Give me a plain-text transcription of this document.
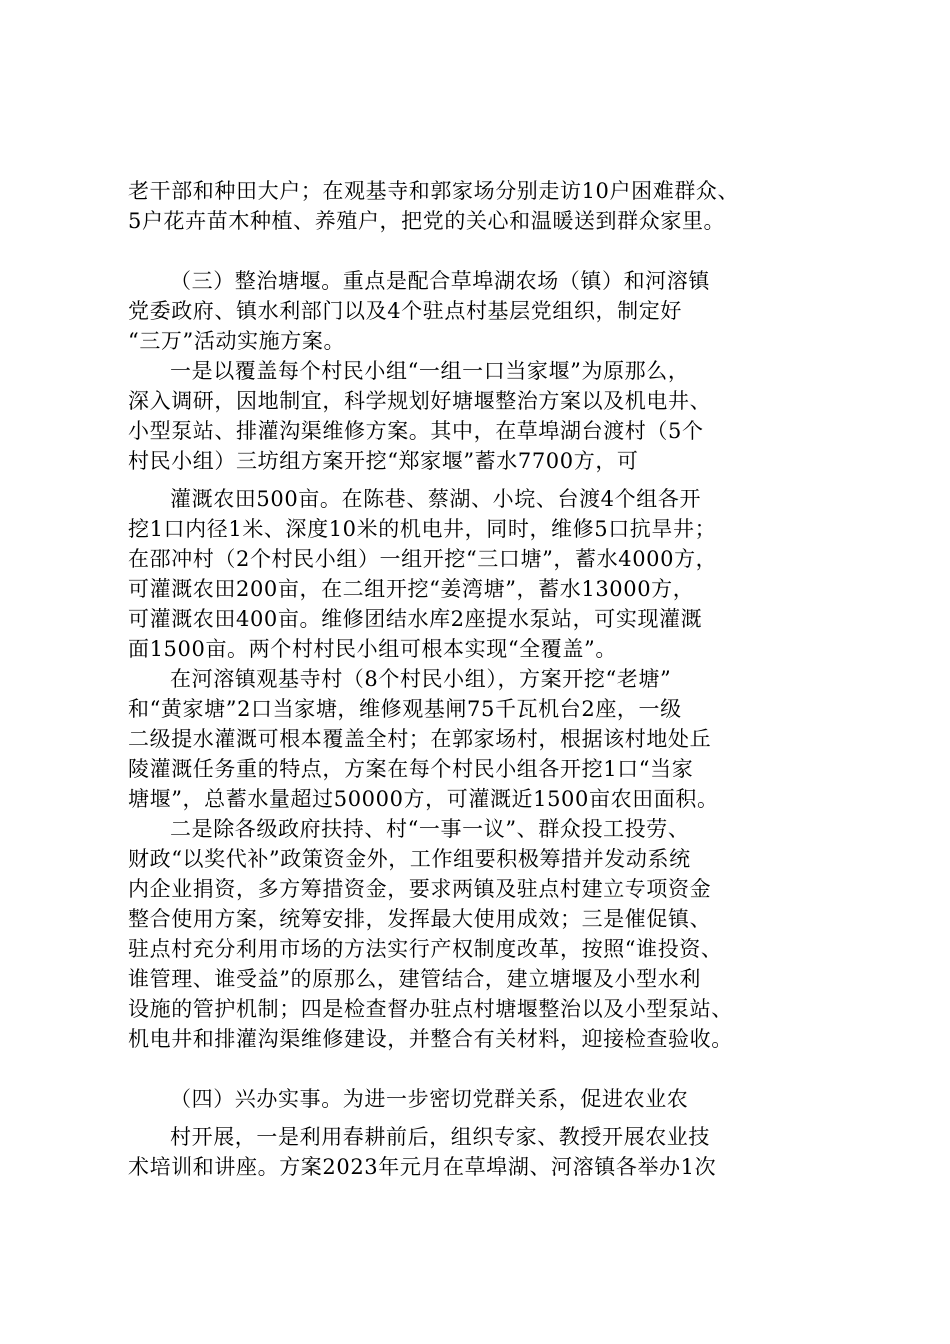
老干部和种田大户；在观基寺和郭家场分别走访10户困难群众、
5户花卉苗木种植、养殖户，把党的关心和温暖送到群众家里。
（三）整治塘堰。重点是配合草埠湖农场（镇）和河溶镇
党委政府、镇水利部门以及4个驻点村基层党组织，制定好
“三万”活动实施方案。
一是以覆盖每个村民小组“一组一口当家堰”为原那么，
深入调研，因地制宜，科学规划好塘堰整治方案以及机电井、
小型泵站、排灌沟渠维修方案。其中，在草埠湖台渡村（5个
村民小组）三坊组方案开挖“郑家堰”蓄水7700方，可
灌溉农田500亩。在陈巷、蔡湖、小垸、台渡4个组各开
挖1口内径1米、深度10米的机电井，同时，维修5口抗旱井；
在邵冲村（2个村民小组）一组开挖“三口塘”，蓄水4000方，
可灌溉农田200亩，在二组开挖“姜湾塘”，蓄水13000方，
可灌溉农田400亩。维修团结水库2座提水泵站，可实现灌溉
面1500亩。两个村村民小组可根本实现“全覆盖”。
在河溶镇观基寺村（8个村民小组），方案开挖“老塘”
和“黄家塘”2口当家塘，维修观基闸75千瓦机台2座，一级
二级提水灌溉可根本覆盖全村；在郭家场村，根据该村地处丘
陵灌溉任务重的特点，方案在每个村民小组各开挖1口“当家
塘堰”，总蓄水量超过50000方，可灌溉近1500亩农田面积。
二是除各级政府扶持、村“一事一议”、群众投工投劳、
财政“以奖代补”政策资金外，工作组要积极筹措并发动系统
内企业捐资，多方筹措资金，要求两镇及驻点村建立专项资金
整合使用方案，统筹安排，发挥最大使用成效；三是催促镇、
驻点村充分利用市场的方法实行产权制度改革，按照“谁投资、
谁管理、谁受益”的原那么，建管结合，建立塘堰及小型水利
设施的管护机制；四是检查督办驻点村塘堰整治以及小型泵站、
机电井和排灌沟渠维修建设，并整合有关材料，迎接检查验收。
（四）兴办实事。为进一步密切党群关系，促进农业农
村开展，一是利用春耕前后，组织专家、教授开展农业技
术培训和讲座。方案2023年元月在草埠湖、河溶镇各举办1次
